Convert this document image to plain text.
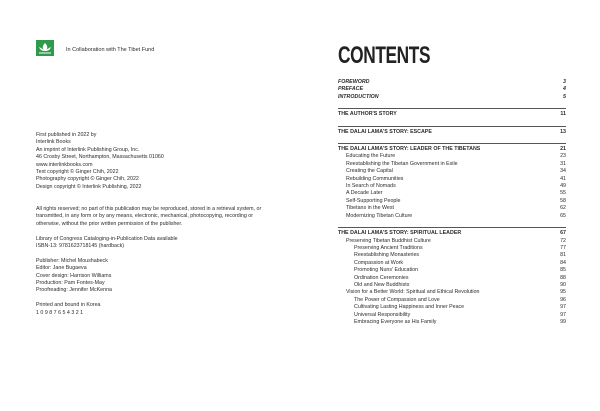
In Collaboration with The Tibet Fund
First published in 2022 by
Interlink Books
An imprint of Interlink Publishing Group, Inc.
46 Crosby Street, Northampton, Massachusetts 01060
www.interlinkbooks.com
Text copyright © Ginger Chih, 2022
Photography copyright © Ginger Chih, 2022
Design copyright © Interlink Publishing, 2022
All rights reserved; no part of this publication may be reproduced, stored in a retrieval system, or transmitted, in any form or by any means, electronic, mechanical, photocopying, recording or otherwise, without the prior written permission of the publisher.
Library of Congress Cataloging-in-Publication Data available
ISBN-13: 9781623718145 (hardback)
Publisher: Michel Moushabeck
Editor: Jane Bugaeva
Cover design: Harrison Williams
Production: Pam Fontes-May
Proofreading: Jennifer McKenna
Printed and bound in Korea
1 0 9 8 7 6 5 4 3 2 1
CONTENTS
FOREWORD	3
PREFACE	4
INTRODUCTION	5
THE AUTHOR'S STORY	11
THE DALAI LAMA'S STORY: ESCAPE	13
THE DALAI LAMA'S STORY: LEADER OF THE TIBETANS	21
Educating the Future	23
Reestablishing the Tibetan Government in Exile	31
Creating the Capital	34
Rebuilding Communities	41
In Search of Nomads	49
A Decade Later	55
Self-Supporting People	58
Tibetans in the West	62
Modernizing Tibetan Culture	65
THE DALAI LAMA'S STORY: SPIRITUAL LEADER	67
Preserving Tibetan Buddhist Culture	72
Preserving Ancient Traditions	77
Reestablishing Monasteries	81
Compassion at Work	84
Promoting Nuns' Education	85
Ordination Ceremonies	88
Old and New Buddhists	90
Vision for a Better World: Spiritual and Ethical Revolution	95
The Power of Compassion and Love	96
Cultivating Lasting Happiness and Inner Peace	97
Universal Responsibility	97
Embracing Everyone as His Family	99
